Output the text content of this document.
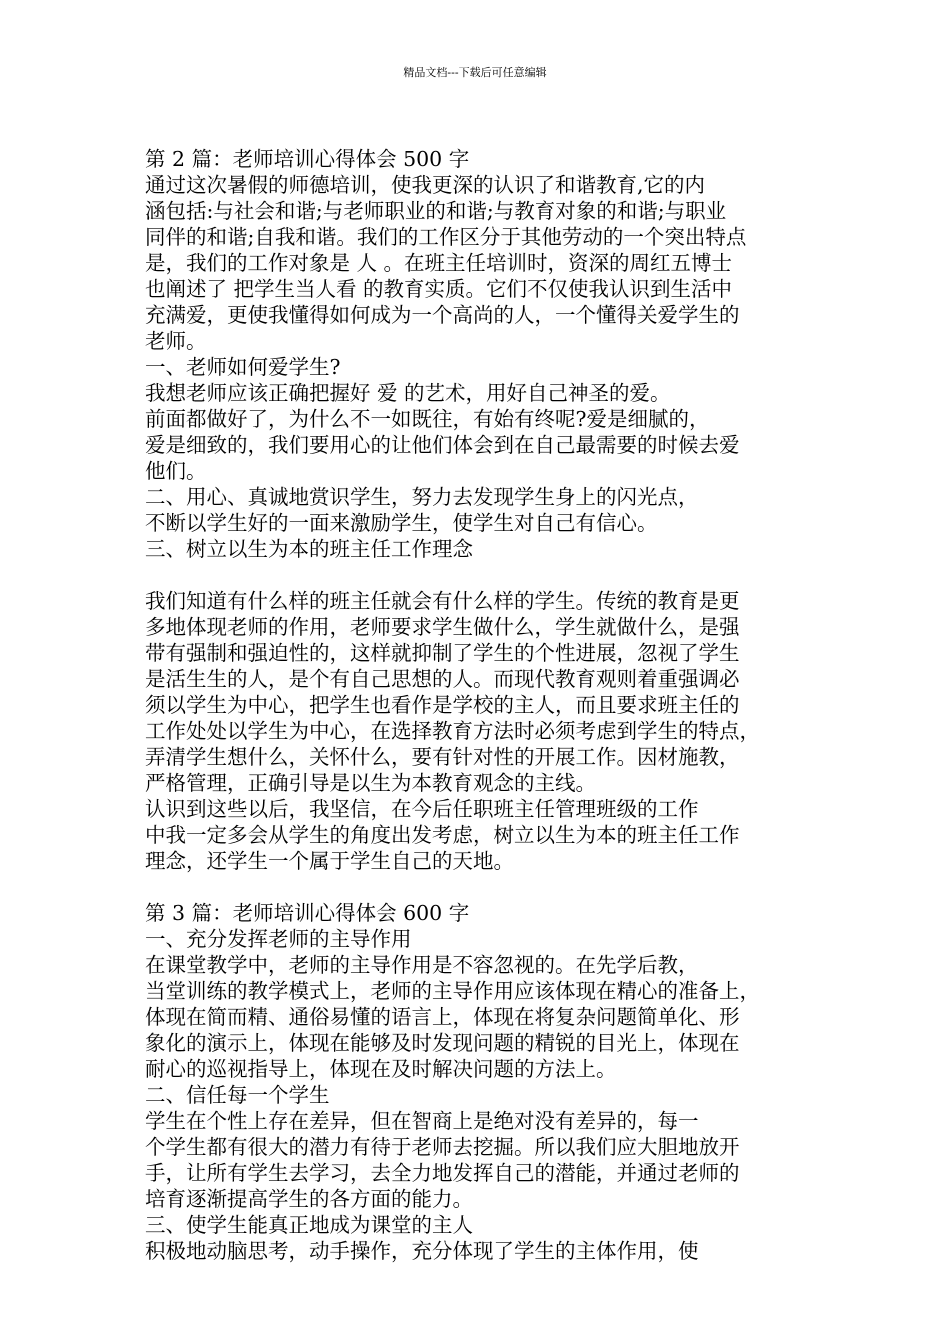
精品文档---下载后可任意编辑

第 2 篇：老师培训心得体会 500 字

通过这次暑假的师德培训，使我更深的认识了和谐教育,它的内

涵包括:与社会和谐;与老师职业的和谐;与教育对象的和谐;与职业

同伴的和谐;自我和谐。我们的工作区分于其他劳动的一个突出特点

是，我们的工作对象是 人 。在班主任培训时，资深的周红五博士

也阐述了 把学生当人看 的教育实质。它们不仅使我认识到生活中

充满爱，更使我懂得如何成为一个高尚的人，一个懂得关爱学生的

老师。

一、老师如何爱学生?

我想老师应该正确把握好 爱 的艺术，用好自己神圣的爱。

前面都做好了，为什么不一如既往，有始有终呢?爱是细腻的，

爱是细致的，我们要用心的让他们体会到在自己最需要的时候去爱

他们。

二、用心、真诚地赏识学生，努力去发现学生身上的闪光点，

不断以学生好的一面来激励学生，使学生对自己有信心。

三、树立以生为本的班主任工作理念

我们知道有什么样的班主任就会有什么样的学生。传统的教育是更

多地体现老师的作用，老师要求学生做什么，学生就做什么，是强

带有强制和强迫性的，这样就抑制了学生的个性进展，忽视了学生

是活生生的人，是个有自己思想的人。而现代教育观则着重强调必

须以学生为中心，把学生也看作是学校的主人，而且要求班主任的

工作处处以学生为中心，在选择教育方法时必须考虑到学生的特点，

弄清学生想什么，关怀什么，要有针对性的开展工作。因材施教，

严格管理，正确引导是以生为本教育观念的主线。

认识到这些以后，我坚信，在今后任职班主任管理班级的工作

中我一定多会从学生的角度出发考虑，树立以生为本的班主任工作

理念，还学生一个属于学生自己的天地。

第 3 篇：老师培训心得体会 600 字

一、充分发挥老师的主导作用

在课堂教学中，老师的主导作用是不容忽视的。在先学后教，

当堂训练的教学模式上，老师的主导作用应该体现在精心的准备上，

体现在简而精、通俗易懂的语言上，体现在将复杂问题简单化、形

象化的演示上，体现在能够及时发现问题的精锐的目光上，体现在

耐心的巡视指导上，体现在及时解决问题的方法上。

二、信任每一个学生

学生在个性上存在差异，但在智商上是绝对没有差异的，每一

个学生都有很大的潜力有待于老师去挖掘。所以我们应大胆地放开

手，让所有学生去学习，去全力地发挥自己的潜能，并通过老师的

培育逐渐提高学生的各方面的能力。

三、使学生能真正地成为课堂的主人

积极地动脑思考，动手操作，充分体现了学生的主体作用，使
